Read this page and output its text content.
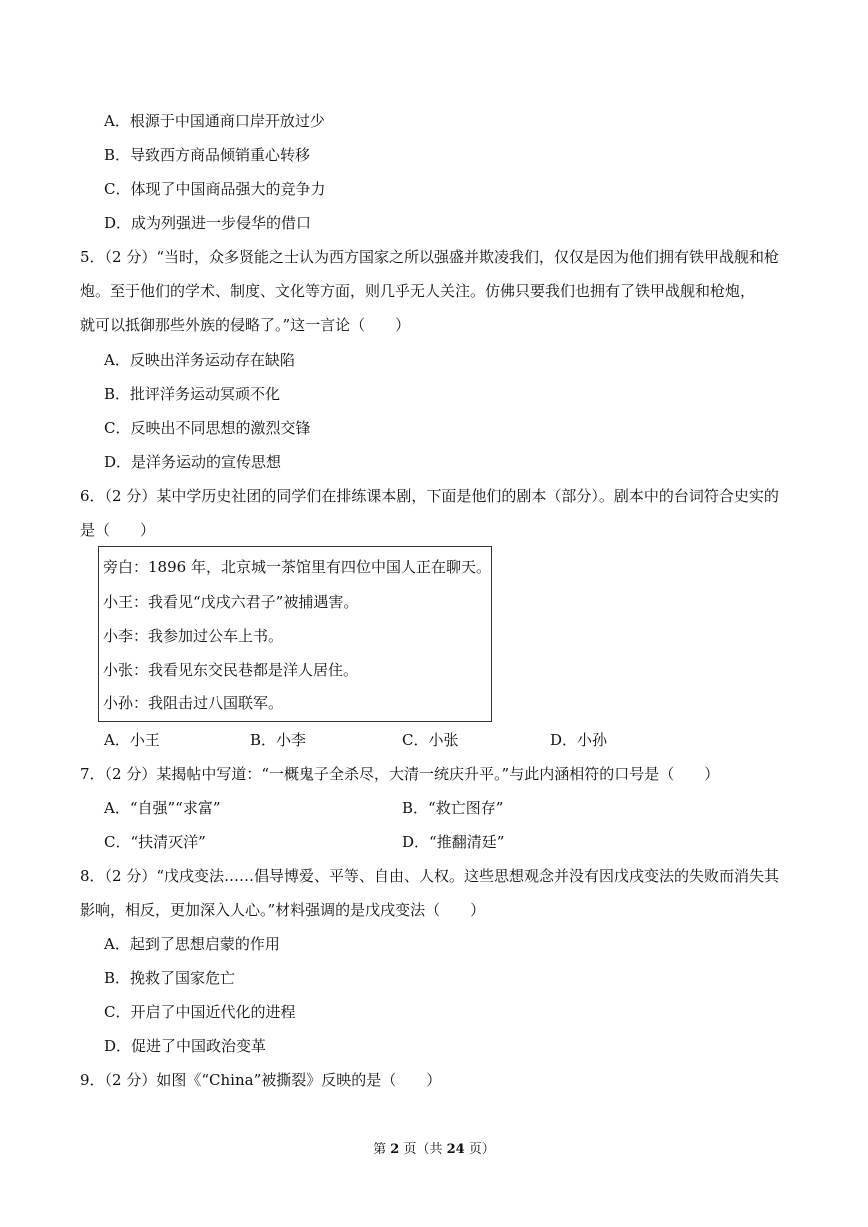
A．根源于中国通商口岸开放过少
B．导致西方商品倾销重心转移
C．体现了中国商品强大的竞争力
D．成为列强进一步侵华的借口
5．（2 分）“当时，众多贤能之士认为西方国家之所以强盛并欺凌我们，仅仅是因为他们拥有铁甲战舰和枪
炮。至于他们的学术、制度、文化等方面，则几乎无人关注。仿佛只要我们也拥有了铁甲战舰和枪炮，
就可以抵御那些外族的侵略了。”这一言论（　　）
A．反映出洋务运动存在缺陷
B．批评洋务运动冥顽不化
C．反映出不同思想的激烈交锋
D．是洋务运动的宣传思想
6．（2 分）某中学历史社团的同学们在排练课本剧，下面是他们的剧本（部分）。剧本中的台词符合史实的
是（　　）
旁白：1896 年，北京城一茶馆里有四位中国人正在聊天。
小王：我看见“戊戌六君子”被捕遇害。
小李：我参加过公车上书。
小张：我看见东交民巷都是洋人居住。
小孙：我阻击过八国联军。
A．小王	B．小李	C．小张	D．小孙
7．（2 分）某揭帖中写道：“一概鬼子全杀尽，大清一统庆升平。”与此内涵相符的口号是（　　）
A．“自强”“求富”	B．“救亡图存”
C．“扶清灭洋”	D．“推翻清廷”
8．（2 分）“戊戌变法……倡导博爱、平等、自由、人权。这些思想观念并没有因戊戌变法的失败而消失其
影响，相反，更加深入人心。”材料强调的是戊戌变法（　　）
A．起到了思想启蒙的作用
B．挽救了国家危亡
C．开启了中国近代化的进程
D．促进了中国政治变革
9．（2 分）如图《“China”被撕裂》反映的是（　　）
第 2 页（共 24 页）
